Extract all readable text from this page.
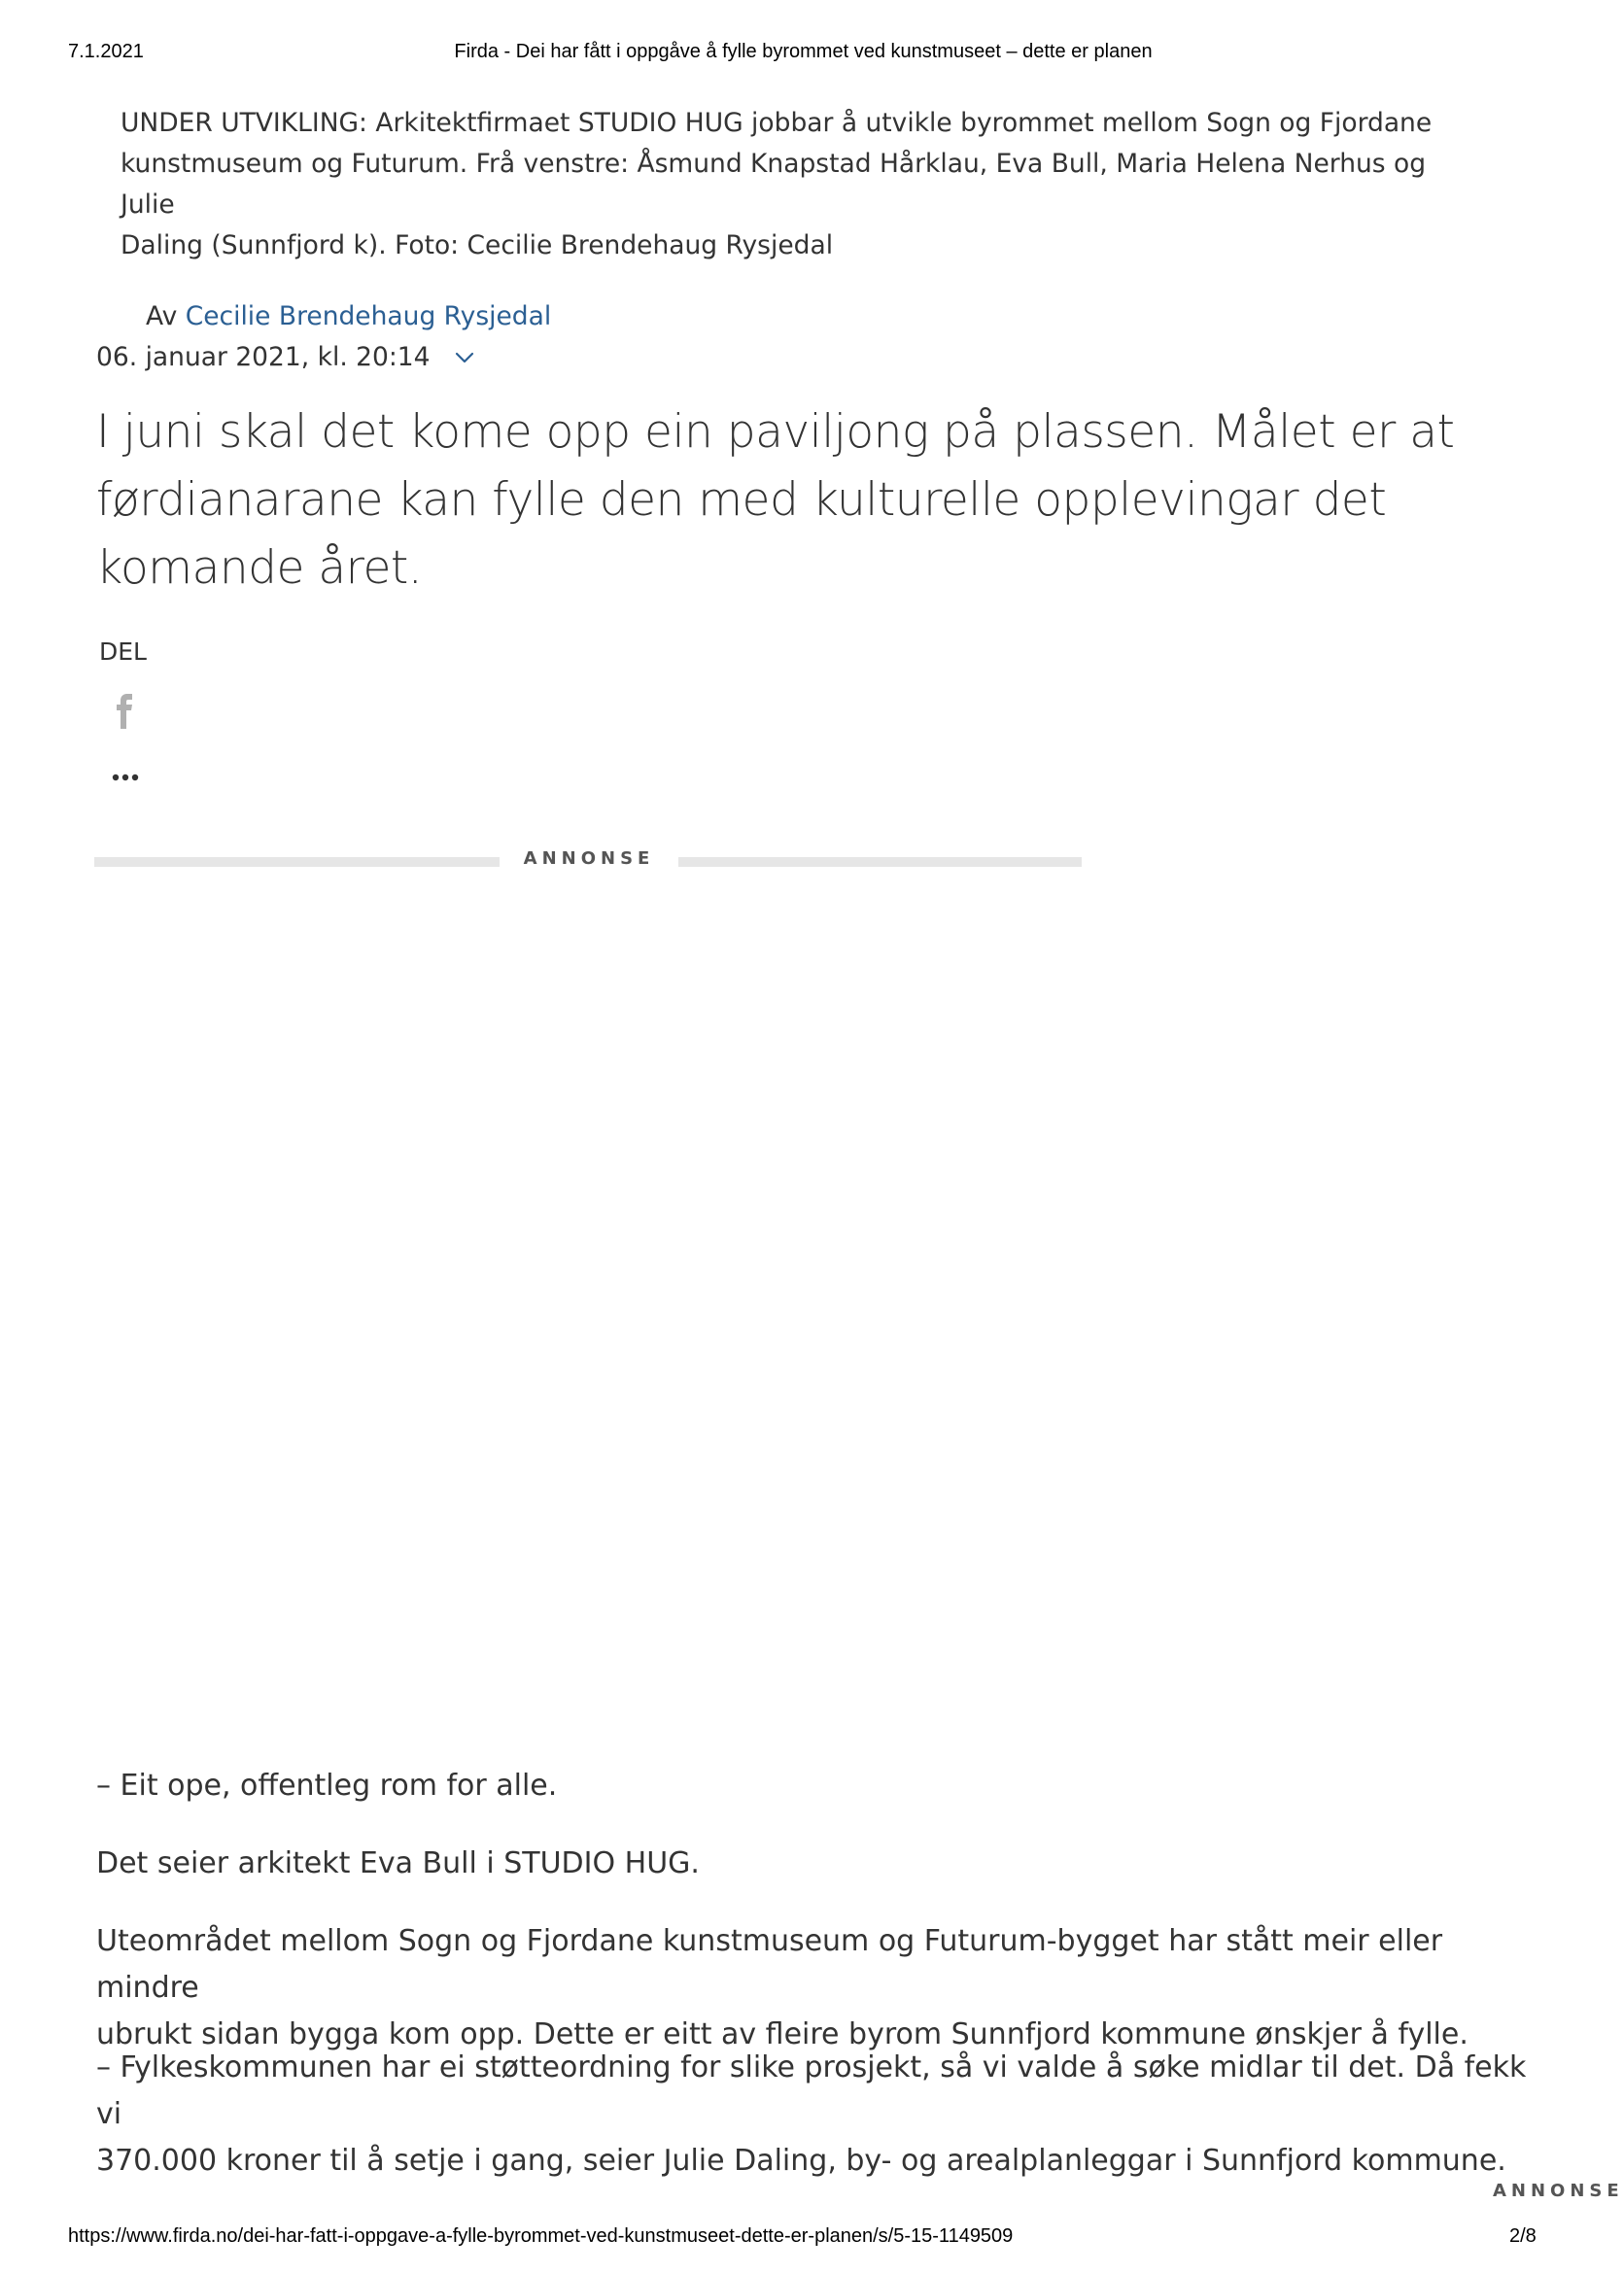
7.1.2021	Firda - Dei har fått i oppgåve å fylle byrommet ved kunstmuseet – dette er planen
UNDER UTVIKLING: Arkitektfirmaet STUDIO HUG jobbar å utvikle byrommet mellom Sogn og Fjordane
kunstmuseum og Futurum. Frå venstre: Åsmund Knapstad Hårklau, Eva Bull, Maria Helena Nerhus og Julie
Daling (Sunnfjord k). Foto: Cecilie Brendehaug Rysjedal
Av Cecilie Brendehaug Rysjedal
06. januar 2021, kl. 20:14
I juni skal det kome opp ein paviljong på plassen. Målet er at
førdianarane kan fylle den med kulturelle opplevingar det
komande året.
DEL
ANNONSE

– Eit ope, offentleg rom for alle.

Det seier arkitekt Eva Bull i STUDIO HUG.

Uteområdet mellom Sogn og Fjordane kunstmuseum og Futurum-bygget har stått meir eller mindre
ubrukt sidan bygga kom opp. Dette er eitt av fleire byrom Sunnfjord kommune ønskjer å fylle.
– Fylkeskommunen har ei støtteordning for slike prosjekt, så vi valde å søke midlar til det. Då fekk vi
370.000 kroner til å setje i gang, seier Julie Daling, by- og arealplanleggar i Sunnfjord kommune.
ANNONSE
https://www.firda.no/dei-har-fatt-i-oppgave-a-fylle-byrommet-ved-kunstmuseet-dette-er-planen/s/5-15-1149509	2/8
